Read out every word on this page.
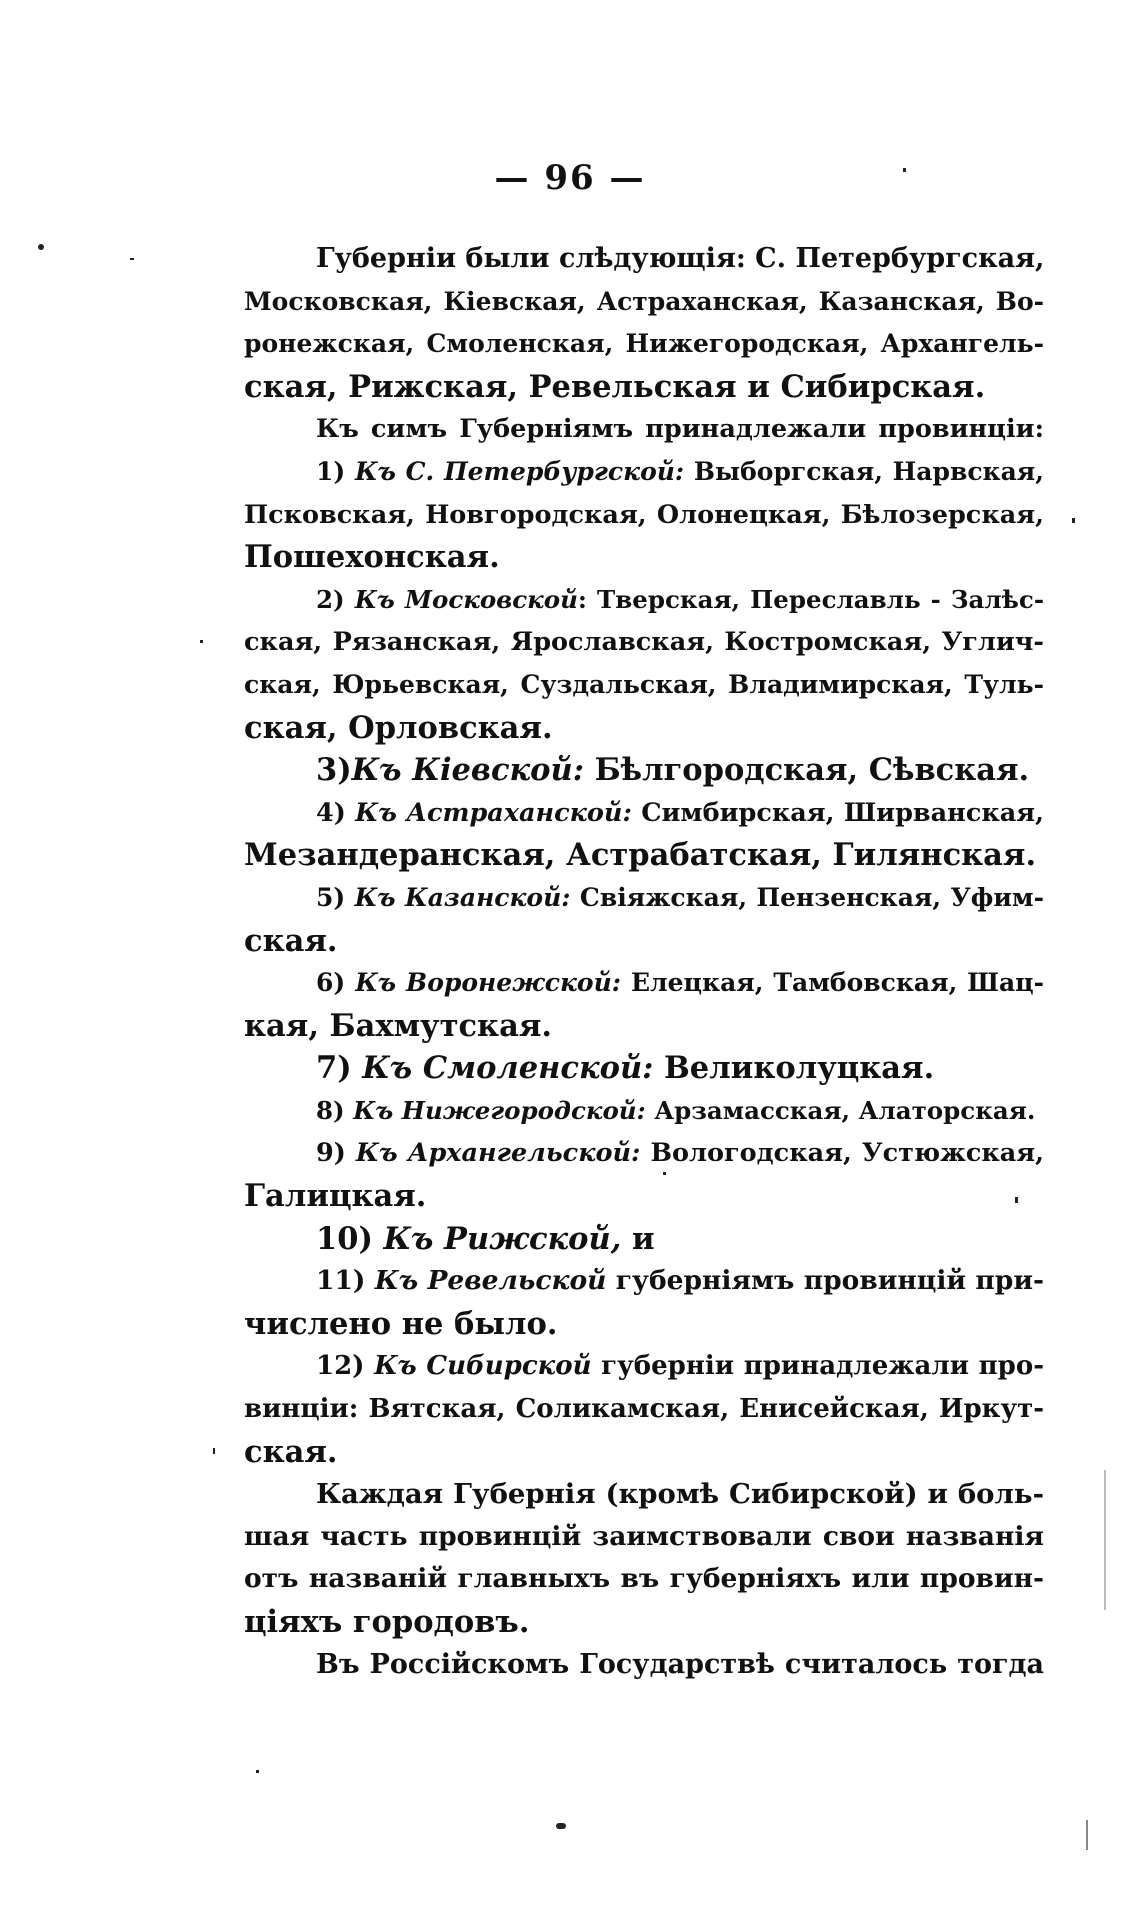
— 96 —
Губерніи были слѣдующія: С. Петербургская,
Московская, Кіевская, Астраханская, Казанская, Во-
ронежская, Смоленская, Нижегородская, Архангель-
ская, Рижская, Ревельская и Сибирская.
Къ симъ Губерніямъ принадлежали провинціи:
1) Къ С. Петербургской: Выборгская, Нарвская,
Псковская, Новгородская, Олонецкая, Бѣлозерская,
Пошехонская.
2) Къ Московской: Тверская, Переславль - Залѣс-
ская, Рязанская, Ярославская, Костромская, Углич-
ская, Юрьевская, Суздальская, Владимирская, Туль-
ская, Орловская.
3)Къ Кіевской: Бѣлгородская, Сѣвская.
4) Къ Астраханской: Симбирская, Ширванская,
Мезандеранская, Астрабатская, Гилянская.
5) Къ Казанской: Свіяжская, Пензенская, Уфим-
ская.
6) Къ Воронежской: Елецкая, Тамбовская, Шац-
кая, Бахмутская.
7) Къ Смоленской: Великолуцкая.
8) Къ Нижегородской: Арзамасская, Алаторская.
9) Къ Архангельской: Вологодская, Устюжская,
Галицкая.
10) Къ Рижской, и
11) Къ Ревельской губерніямъ провинцій при-
числено не было.
12) Къ Сибирской губерніи принадлежали про-
винціи: Вятская, Соликамская, Енисейская, Иркут-
ская.
Каждая Губернія (кромѣ Сибирской) и боль-
шая часть провинцій заимствовали свои названія
отъ названій главныхъ въ губерніяхъ или провин-
ціяхъ городовъ.
Въ Россійскомъ Государствѣ считалось тогда
